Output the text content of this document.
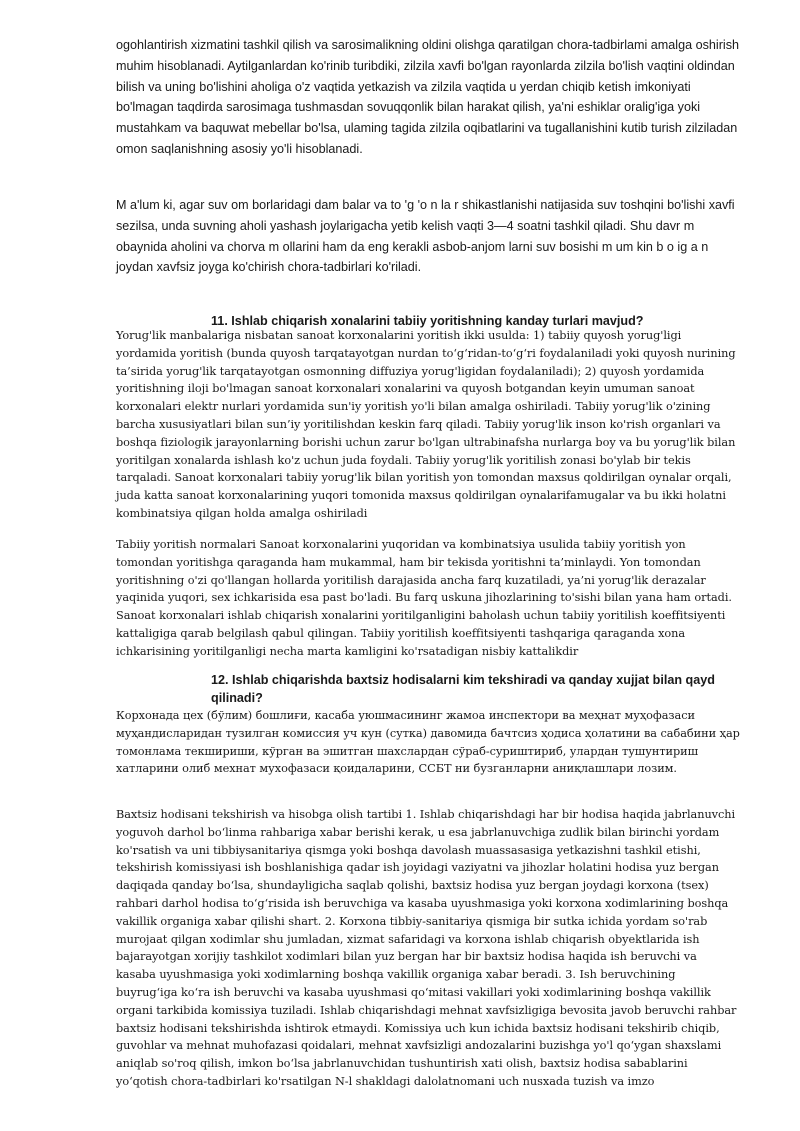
ogohlantirish xizmatini tashkil qilish va sarosimalikning oldini olishga qaratilgan chora-tadbirlami amalga oshirish muhim hisoblanadi. Aytilganlardan ko'rinib turibdiki, zilzila xavfi bo'lgan rayonlarda zilzila bo'lish vaqtini oldindan bilish va uning bo'lishini aholiga o'z vaqtida yetkazish va zilzila vaqtida u yerdan chiqib ketish imkoniyati bo'lmagan taqdirda sarosimaga tushmasdan sovuqqonlik bilan harakat qilish, ya'ni eshiklar oralig'iga yoki mustahkam va baquwat mebellar bo'lsa, ulaming tagida zilzila oqibatlarini va tugallanishini kutib turish zilziladan omon saqlanishning asosiy yo'li hisoblanadi.

M a'lum ki, agar suv om borlaridagi dam balar va to 'g 'o n la r shikastlanishi natijasida suv toshqini bo'lishi xavfi sezilsa, unda suvning aholi yashash joylarigacha yetib kelish vaqti 3—4 soatni tashkil qiladi. Shu davr m obaynida aholini va chorva m ollarini ham da eng kerakli asbob-anjom larni suv bosishi m um kin b o ig a n joydan xavfsiz joyga ko'chirish chora-tadbirlari ko'riladi.

11. Ishlab chiqarish xonalarini tabiiy yoritishning kanday turlari mavjud?

Yorug'lik manbalariga nisbatan sanoat korxonalarini yoritish ikki usulda: 1) tabiiy quyosh yorug'ligi yordamida yoritish (bunda quyosh tarqatayotgan nurdan to‘g‘ridan-to‘g‘ri foydalaniladi yoki quyosh nurining ta’sirida yorug'lik tarqatayotgan osmonning diffuziya yorug'ligidan foydalaniladi); 2) quyosh yordamida yoritishning iloji bo'lmagan sanoat korxonalari xonalarini va quyosh botgandan keyin umuman sanoat korxonalari elektr nurlari yordamida sun'iy yoritish yo'li bilan amalga oshiriladi. Tabiiy yorug'lik o'zining barcha xususiyatlari bilan sun’iy yoritilishdan keskin farq qiladi. Tabiiy yorug'lik inson ko'rish organlari va boshqa fiziologik jarayonlarning borishi uchun zarur bo'lgan ultrabinafsha nurlarga boy va bu yorug'lik bilan yoritilgan xonalarda ishlash ko'z uchun juda foydali. Tabiiy yorug'lik yoritilish zonasi bo'ylab bir tekis tarqaladi. Sanoat korxonalari tabiiy yorug'lik bilan yoritish yon tomondan maxsus qoldirilgan oynalar orqali, juda katta sanoat korxonalarining yuqori tomonida maxsus qoldirilgan oynalarifamugalar va bu ikki holatni kombinatsiya qilgan holda amalga oshiriladi

Tabiiy yoritish normalari Sanoat korxonalarini yuqoridan va kombinatsiya usulida tabiiy yoritish yon tomondan yoritishga qaraganda ham mukammal, ham bir tekisda yoritishni ta’minlaydi. Yon tomondan yoritishning o'zi qo'llangan hollarda yoritilish darajasida ancha farq kuzatiladi, ya’ni yorug'lik derazalar yaqinida yuqori, sex ichkarisida esa past bo'ladi. Bu farq uskuna jihozlarining to'sishi bilan yana ham ortadi. Sanoat korxonalari ishlab chiqarish xonalarini yoritilganligini baholash uchun tabiiy yoritilish koeffitsiyenti kattaligiga qarab belgilash qabul qilingan. Tabiiy yoritilish koeffitsiyenti tashqariga qaraganda xona ichkarisining yoritilganligi necha marta kamligini ko'rsatadigan nisbiy kattalikdir

12. Ishlab chiqarishda baxtsiz hodisalarni kim tekshiradi va qanday xujjat bilan qayd qilinadi?

Корхонада цех (бўлим) бошлиғи, касаба уюшмасининг жамоа инспектори ва меҳнат муҳофазаси муҳандисларидан тузилган комиссия уч кун (сутка) давомида бачтсиз ҳодиса ҳолатини ва сабабини ҳар томонлама текшириши, кўрган ва эшитган шахслардан сўраб-суриштириб, улардан тушунтириш хатларини олиб мехнат мухофазаси қоидаларини, ССБТ ни бузганларни аниқлашлари лозим.

Baxtsiz hodisani tekshirish va hisobga olish tartibi 1. Ishlab chiqarishdagi har bir hodisa haqida jabrlanuvchi yoguvoh darhol bo‘linma rahbariga xabar berishi kerak, u esa jabrlanuvchiga zudlik bilan birinchi yordam ko'rsatish va uni tibbiysanitariya qismga yoki boshqa davolash muassasasiga yetkazishni tashkil etishi, tekshirish komissiyasi ish boshlanishiga qadar ish joyidagi vaziyatni va jihozlar holatini hodisa yuz bergan daqiqada qanday bo‘lsa, shundayligicha saqlab qolishi, baxtsiz hodisa yuz bergan joydagi korxona (tsex) rahbari darhol hodisa to‘g‘risida ish beruvchiga va kasaba uyushmasiga yoki korxona xodimlarining boshqa vakillik organiga xabar qilishi shart. 2. Korxona tibbiy-sanitariya qismiga bir sutka ichida yordam so'rab murojaat qilgan xodimlar shu jumladan, xizmat safaridagi va korxona ishlab chiqarish obyektlarida ish bajarayotgan xorijiy tashkilot xodimlari bilan yuz bergan har bir baxtsiz hodisa haqida ish beruvchi va kasaba uyushmasiga yoki xodimlarning boshqa vakillik organiga xabar beradi. 3. Ish beruvchining buyrug‘iga ko‘ra ish beruvchi va kasaba uyushmasi qo‘mitasi vakillari yoki xodimlarining boshqa vakillik organi tarkibida komissiya tuziladi. Ishlab chiqarishdagi mehnat xavfsizligiga bevosita javob beruvchi rahbar baxtsiz hodisani tekshirishda ishtirok etmaydi. Komissiya uch kun ichida baxtsiz hodisani tekshirib chiqib, guvohlar va mehnat muhofazasi qoidalari, mehnat xavfsizligi andozalarini buzishga yo'l qo‘ygan shaxslami aniqlab so'roq qilish, imkon bo‘lsa jabrlanuvchidan tushuntirish xati olish, baxtsiz hodisa sabablarini yo‘qotish chora-tadbirlari ko'rsatilgan N-l shakldagi dalolatnomani uch nusxada tuzish va imzo
